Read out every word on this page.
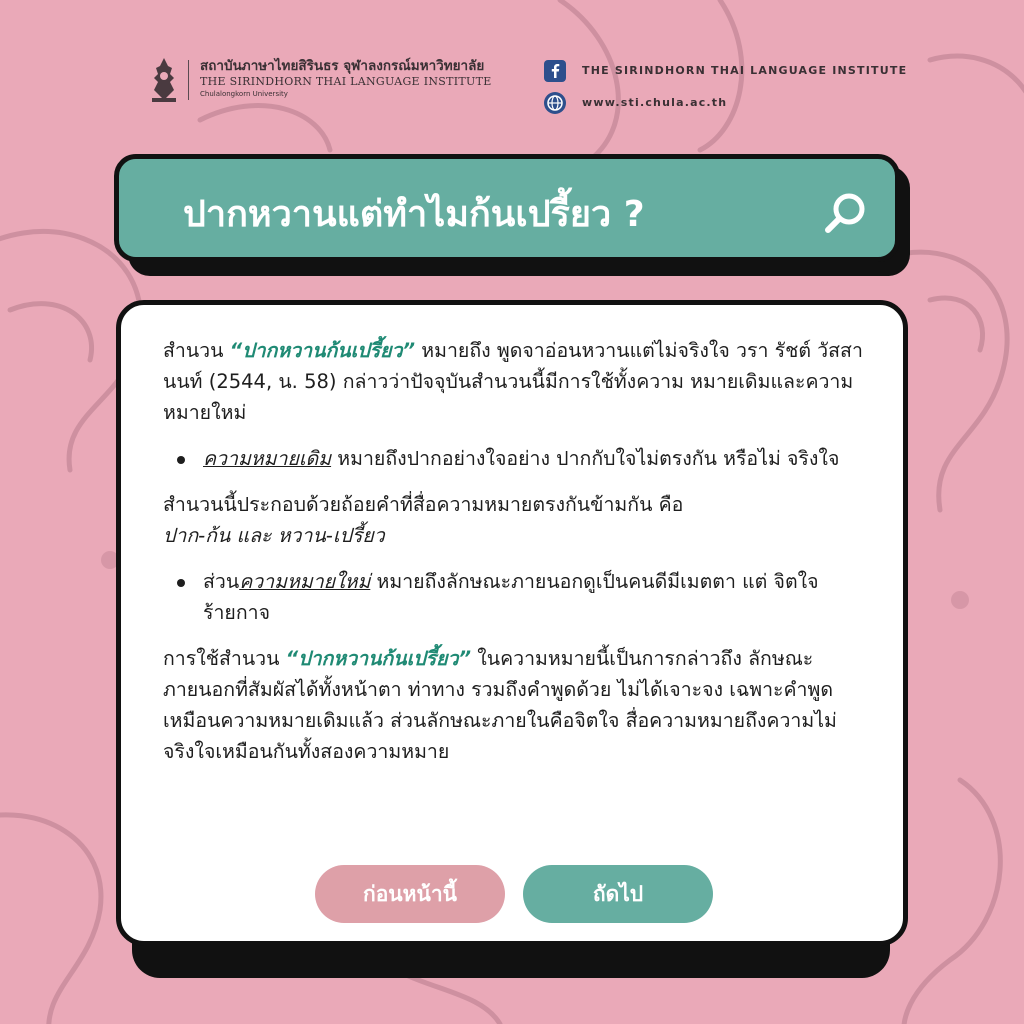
สถาบันภาษาไทยสิรินธร จุฬาลงกรณ์มหาวิทยาลัย
THE SIRINDHORN THAI LANGUAGE INSTITUTE
Chulalongkorn University
THE SIRINDHORN THAI LANGUAGE INSTITUTE
www.sti.chula.ac.th
ปากหวานแต่ทำไมก้นเปรี้ยว ?

สำนวน “ปากหวานก้นเปรี้ยว” หมายถึง พูดจาอ่อนหวานแต่ไม่จริงใจ วรา รัชต์ วัสสานนท์ (2544, น. 58) กล่าวว่าปัจจุบันสำนวนนี้มีการใช้ทั้งความ หมายเดิมและความหมายใหม่

ความหมายเดิม หมายถึงปากอย่างใจอย่าง ปากกับใจไม่ตรงกัน หรือไม่ จริงใจ

สำนวนนี้ประกอบด้วยถ้อยคำที่สื่อความหมายตรงกันข้ามกัน คือ
ปาก-ก้น และ หวาน-เปรี้ยว

ส่วนความหมายใหม่ หมายถึงลักษณะภายนอกดูเป็นคนดีมีเมตตา แต่ จิตใจร้ายกาจ

การใช้สำนวน “ปากหวานก้นเปรี้ยว” ในความหมายนี้เป็นการกล่าวถึง ลักษณะภายนอกที่สัมผัสได้ทั้งหน้าตา ท่าทาง รวมถึงคำพูดด้วย ไม่ได้เจาะจง เฉพาะคำพูดเหมือนความหมายเดิมแล้ว ส่วนลักษณะภายในคือจิตใจ สื่อความหมายถึงความไม่จริงใจเหมือนกันทั้งสองความหมาย

ก่อนหน้านี้	ถัดไป
